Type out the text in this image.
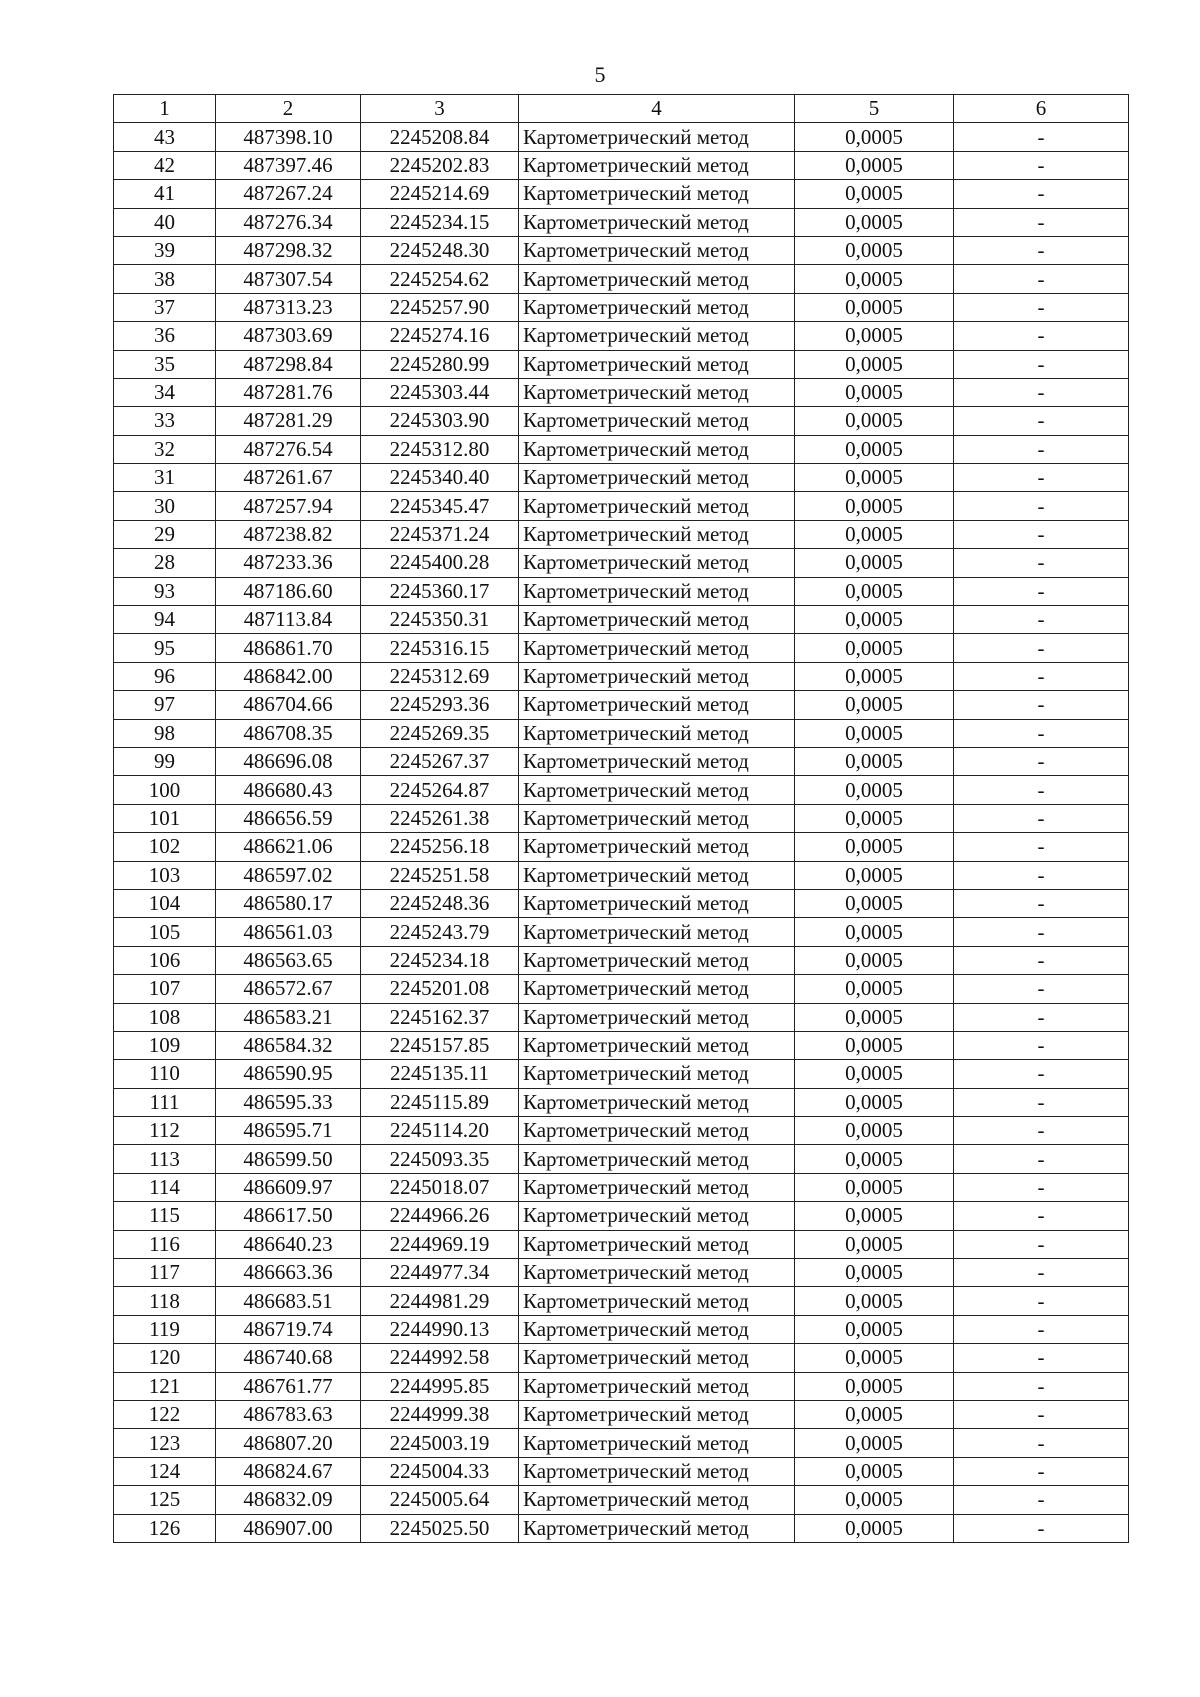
5
1	2	3	4	5	6
43	487398.10	2245208.84	Картометрический метод	0,0005	-
42	487397.46	2245202.83	Картометрический метод	0,0005	-
41	487267.24	2245214.69	Картометрический метод	0,0005	-
40	487276.34	2245234.15	Картометрический метод	0,0005	-
39	487298.32	2245248.30	Картометрический метод	0,0005	-
38	487307.54	2245254.62	Картометрический метод	0,0005	-
37	487313.23	2245257.90	Картометрический метод	0,0005	-
36	487303.69	2245274.16	Картометрический метод	0,0005	-
35	487298.84	2245280.99	Картометрический метод	0,0005	-
34	487281.76	2245303.44	Картометрический метод	0,0005	-
33	487281.29	2245303.90	Картометрический метод	0,0005	-
32	487276.54	2245312.80	Картометрический метод	0,0005	-
31	487261.67	2245340.40	Картометрический метод	0,0005	-
30	487257.94	2245345.47	Картометрический метод	0,0005	-
29	487238.82	2245371.24	Картометрический метод	0,0005	-
28	487233.36	2245400.28	Картометрический метод	0,0005	-
93	487186.60	2245360.17	Картометрический метод	0,0005	-
94	487113.84	2245350.31	Картометрический метод	0,0005	-
95	486861.70	2245316.15	Картометрический метод	0,0005	-
96	486842.00	2245312.69	Картометрический метод	0,0005	-
97	486704.66	2245293.36	Картометрический метод	0,0005	-
98	486708.35	2245269.35	Картометрический метод	0,0005	-
99	486696.08	2245267.37	Картометрический метод	0,0005	-
100	486680.43	2245264.87	Картометрический метод	0,0005	-
101	486656.59	2245261.38	Картометрический метод	0,0005	-
102	486621.06	2245256.18	Картометрический метод	0,0005	-
103	486597.02	2245251.58	Картометрический метод	0,0005	-
104	486580.17	2245248.36	Картометрический метод	0,0005	-
105	486561.03	2245243.79	Картометрический метод	0,0005	-
106	486563.65	2245234.18	Картометрический метод	0,0005	-
107	486572.67	2245201.08	Картометрический метод	0,0005	-
108	486583.21	2245162.37	Картометрический метод	0,0005	-
109	486584.32	2245157.85	Картометрический метод	0,0005	-
110	486590.95	2245135.11	Картометрический метод	0,0005	-
111	486595.33	2245115.89	Картометрический метод	0,0005	-
112	486595.71	2245114.20	Картометрический метод	0,0005	-
113	486599.50	2245093.35	Картометрический метод	0,0005	-
114	486609.97	2245018.07	Картометрический метод	0,0005	-
115	486617.50	2244966.26	Картометрический метод	0,0005	-
116	486640.23	2244969.19	Картометрический метод	0,0005	-
117	486663.36	2244977.34	Картометрический метод	0,0005	-
118	486683.51	2244981.29	Картометрический метод	0,0005	-
119	486719.74	2244990.13	Картометрический метод	0,0005	-
120	486740.68	2244992.58	Картометрический метод	0,0005	-
121	486761.77	2244995.85	Картометрический метод	0,0005	-
122	486783.63	2244999.38	Картометрический метод	0,0005	-
123	486807.20	2245003.19	Картометрический метод	0,0005	-
124	486824.67	2245004.33	Картометрический метод	0,0005	-
125	486832.09	2245005.64	Картометрический метод	0,0005	-
126	486907.00	2245025.50	Картометрический метод	0,0005	-
